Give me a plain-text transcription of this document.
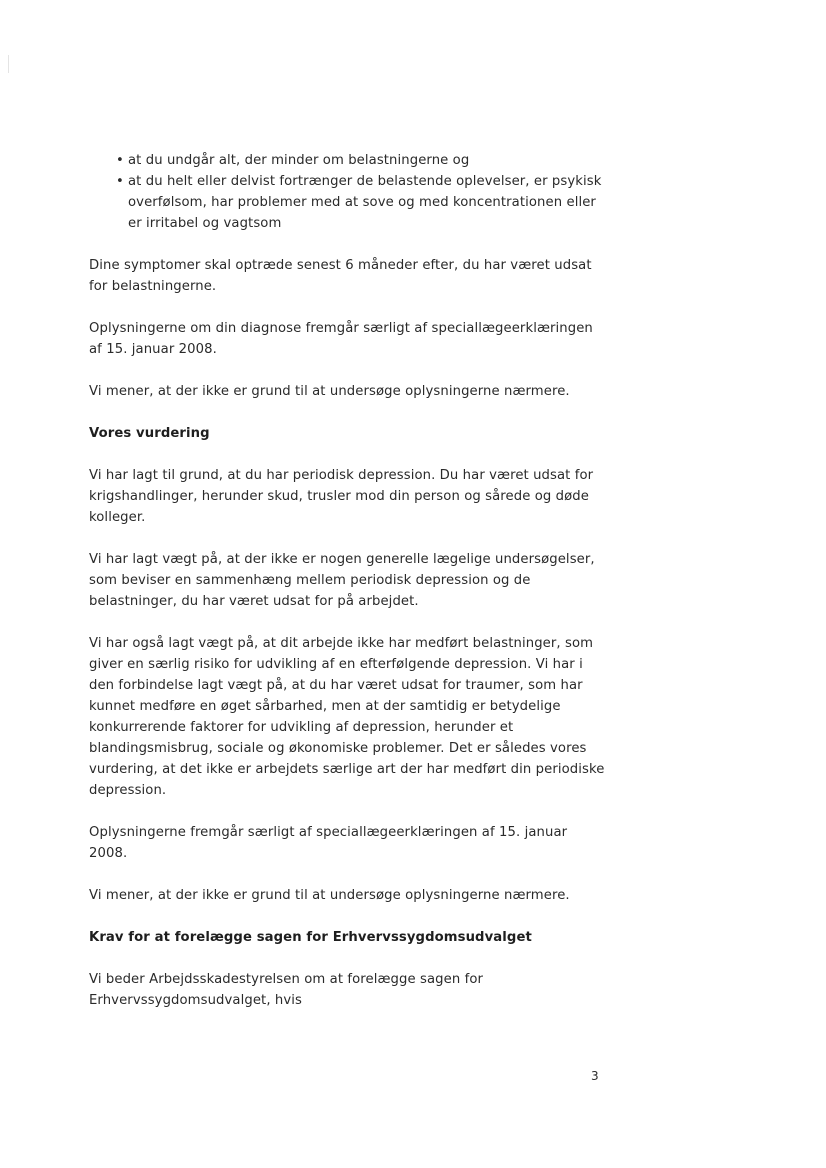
• at du undgår alt, der minder om belastningerne og
• at du helt eller delvist fortrænger de belastende oplevelser, er psykisk overfølsom, har problemer med at sove og med koncentrationen eller er irritabel og vagtsom

Dine symptomer skal optræde senest 6 måneder efter, du har været udsat for belastningerne.

Oplysningerne om din diagnose fremgår særligt af speciallægeerklæringen af 15. januar 2008.

Vi mener, at der ikke er grund til at undersøge oplysningerne nærmere.

Vores vurdering

Vi har lagt til grund, at du har periodisk depression. Du har været udsat for krigshandlinger, herunder skud, trusler mod din person og sårede og døde kolleger.

Vi har lagt vægt på, at der ikke er nogen generelle lægelige undersøgelser, som beviser en sammenhæng mellem periodisk depression og de belastninger, du har været udsat for på arbejdet.

Vi har også lagt vægt på, at dit arbejde ikke har medført belastninger, som giver en særlig risiko for udvikling af en efterfølgende depression. Vi har i den forbindelse lagt vægt på, at du har været udsat for traumer, som har kunnet medføre en øget sårbarhed, men at der samtidig er betydelige konkurrerende faktorer for udvikling af depression, herunder et blandingsmisbrug, sociale og økonomiske problemer. Det er således vores vurdering, at det ikke er arbejdets særlige art der har medført din periodiske depression.

Oplysningerne fremgår særligt af speciallægeerklæringen af 15. januar 2008.

Vi mener, at der ikke er grund til at undersøge oplysningerne nærmere.

Krav for at forelægge sagen for Erhvervssygdomsudvalget

Vi beder Arbejdsskadestyrelsen om at forelægge sagen for Erhvervssygdomsudvalget, hvis

3
